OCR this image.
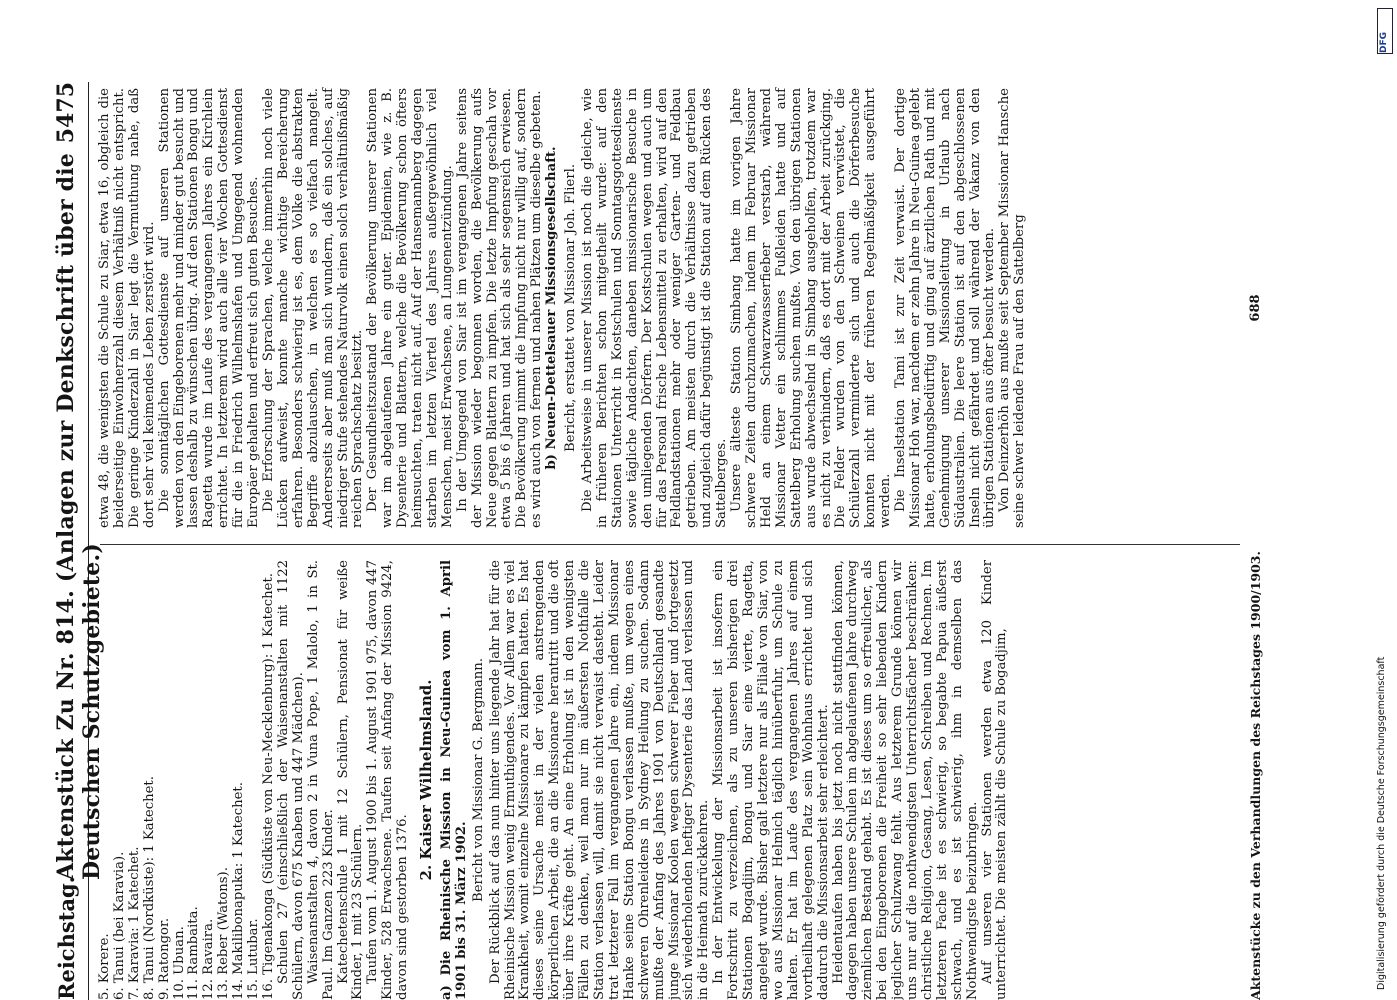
Reichstag.
Aktenstück Zu Nr. 814. (Anlagen zur Denkschrift über die Deutschen Schutzgebiete.)
5475
5. Korere. 6. Tanui (bei Karavia). 7. Karavia: 1 Katechet. 8. Tanui (Nordküste): 1 Katechet. 9. Ratongor. 10. Ubuan. 11. Rambaita. 12. Ravaira. 13. Reber (Watons). 14. Makilibonapuka: 1 Katechet. 15. Lutubar. 16. Tigenakonga (Südküste von Neu-Mecklenburg): 1 Katechet. Schulen 27 (einschließlich der Waisenanstalten mit 1122 Schülern, davon 675 Knaben und 447 Mädchen). Waisenanstalten 4, davon 2 in Vuna Pope, 1 Malolo, 1 in St. Paul. Im Ganzen 223 Kinder. Katechetenschule 1 mit 12 Schülern, Pensionat für weiße Kinder, 1 mit 23 Schülern. Taufen vom 1. August 1900 bis 1. August 1901 975, davon 447 Kinder, 528 Erwachsene. Taufen seit Anfang der Mission 9424, davon sind gestorben 1376.

2. Kaiser Wilhelmsland. a) Die Rheinische Mission in Neu-Guinea vom 1. April 1901 bis 31. März 1902.
Bericht von Missionar G. Bergmann. Der Rückblick auf das nun hinter uns liegende Jahr hat für die Rheinische Mission wenig Ermuthigendes. Vor Allem war es viel Krankheit, womit einzelne Missionare zu kämpfen hatten. Es hat dieses seine Ursache meist in der vielen anstrengenden körperlichen Arbeit, die an die Missionare herantritt und die oft über ihre Kräfte geht. An eine Erholung ist in den wenigsten Fällen zu denken, weil man nur im äußersten Nothfalle die Station verlassen will, damit sie nicht verwaist dasteht. Leider trat letzterer Fall im vergangenen Jahre ein, indem Missionar Hanke seine Station Bongu verlassen mußte, um wegen eines schweren Ohrenleidens in Sydney Heilung zu suchen. Sodann mußte der Anfang des Jahres 1901 von Deutschland gesandte junge Missionar Koolen wegen schwerer Fieber und fortgesetzt sich wiederholenden heftiger Dysenterie das Land verlassen und in die Heimath zurückkehren. In der Entwickelung der Missionsarbeit ist insofern ein Fortschritt zu verzeichnen, als zu unseren bisherigen drei Stationen Bogadjim, Bongu und Siar eine vierte, Ragetta, angelegt wurde. Bisher galt letztere nur als Filiale von Siar, von wo aus Missionar Helmich täglich hinüberfuhr, um Schule zu halten. Er hat im Laufe des vergangenen Jahres auf einem vortheilhaft gelegenen Platz sein Wohnhaus errichtet und sich dadurch die Missionsarbeit sehr erleichtert. Heidentaufen haben bis jetzt noch nicht stattfinden können, dagegen haben unsere Schulen im abgelaufenen Jahre durchweg ziemlichen Bestand gehabt. Es ist dieses um so erfreulicher, als bei den Eingeborenen die Freiheit so sehr liebenden Kindern jeglicher Schulzwang fehlt. Aus letzterem Grunde können wir uns nur auf die nothwendigsten Unterrichtsfächer beschränken: christliche Religion, Gesang, Lesen, Schreiben und Rechnen. Im letzteren Fache ist es schwierig, so begabte Papua äußerst schwach, und es ist schwierig, ihm in demselben das Nothwendigste beizubringen. Auf unseren vier Stationen werden etwa 120 Kinder unterrichtet. Die meisten zählt die Schule zu Bogadjim,

etwa 48, die wenigsten die Schule zu Siar, etwa 16, obgleich die beiderseitige Einwohnerzahl diesem Verhältniß nicht entspricht. Die geringe Kinderzahl in Siar legt die Vermuthung nahe, daß dort sehr viel keimendes Leben zerstört wird. Die sonntäglichen Gottesdienste auf unseren Stationen werden von den Eingeborenen mehr und minder gut besucht und lassen deshalb zu wünschen übrig. Auf den Stationen Bongu und Ragetta wurde im Laufe des vergangenen Jahres ein Kirchlein errichtet. In letzterem wird auch alle vier Wochen Gottesdienst für die in Friedrich Wilhelmshafen und Umgegend wohnenden Europäer gehalten und erfreut sich guten Besuches. Die Erforschung der Sprachen, welche immerhin noch viele Lücken aufweist, konnte manche wichtige Bereicherung erfahren. Besonders schwierig ist es, dem Volke die abstrakten Begriffe abzulauschen, in welchen es so vielfach mangelt. Andererseits aber muß man sich wundern, daß ein solches, auf niedriger Stufe stehendes Naturvolk einen solch verhältnißmäßig reichen Sprachschatz besitzt. Der Gesundheitszustand der Bevölkerung unserer Stationen war im abgelaufenen Jahre ein guter. Epidemien, wie z. B. Dysenterie und Blattern, welche die Bevölkerung schon öfters heimsuchten, traten nicht auf. Auf der Hansemannberg dagegen starben im letzten Viertel des Jahres außergewöhnlich viel Menschen, meist Erwachsene, an Lungenentzündung. In der Umgegend von Siar ist im vergangenen Jahre seitens der Mission wieder begonnen worden, die Bevölkerung aufs Neue gegen Blattern zu impfen. Die letzte Impfung geschah vor etwa 5 bis 6 Jahren und hat sich als sehr segensreich erwiesen. Die Bevölkerung nimmt die Impfung nicht nur willig auf, sondern es wird auch von fernen und nahen Plätzen um dieselbe gebeten. b) Neuen-Dettelsauer Missionsgesellschaft. Bericht, erstattet von Missionar Joh. Flierl. Die Arbeitsweise in unserer Mission ist noch die gleiche, wie in früheren Berichten schon mitgetheilt wurde: auf den Stationen Unterricht in Kostschulen und Sonntagsgottesdienste sowie tägliche Andachten, daneben missionarische Besuche in den umliegenden Dörfern. Der Kostschulen wegen und auch um für das Personal frische Lebensmittel zu erhalten, wird auf den Feldlandstationen mehr oder weniger Garten- und Feldbau getrieben. Am meisten durch die Verhältnisse dazu getrieben und zugleich dafür begünstigt ist die Station auf dem Rücken des Sattelberges. Unsere älteste Station Simbang hatte im vorigen Jahre schwere Zeiten durchzumachen, indem im Februar Missionar Held an einem Schwarzwasserfieber verstarb, während Missionar Vetter ein schlimmes Fußleiden hatte und auf Sattelberg Erholung suchen mußte. Von den übrigen Stationen aus wurde abwechselnd in Simbang ausgeholfen, trotzdem war es nicht zu verhindern, daß es dort mit der Arbeit zurückging. Die Felder wurden von den Schweinen verwüstet, die Schülerzahl verminderte sich und auch die Dörferbesuche konnten nicht mit der früheren Regelmäßigkeit ausgeführt werden. Die Inselstation Tami ist zur Zeit verwaist. Der dortige Missionar Hoh war, nachdem er zehn Jahre in Neu-Guinea gelebt hatte, erholungsbedürftig und ging auf ärztlichen Rath und mit Genehmigung unserer Missionsleitung in Urlaub nach Südaustralien. Die leere Station ist auf den abgeschlossenen Inseln nicht gefährdet und soll während der Vakanz von den übrigen Stationen aus öfter besucht werden. Von Deinzerhöh aus mußte seit September Missionar Hansche seine schwer leidende Frau auf den Sattelberg

Aktenstücke zu den Verhandlungen des Reichstages 1900/1903.
688
DFG
Digitalisierung gefördert durch die Deutsche Forschungsgemeinschaft
